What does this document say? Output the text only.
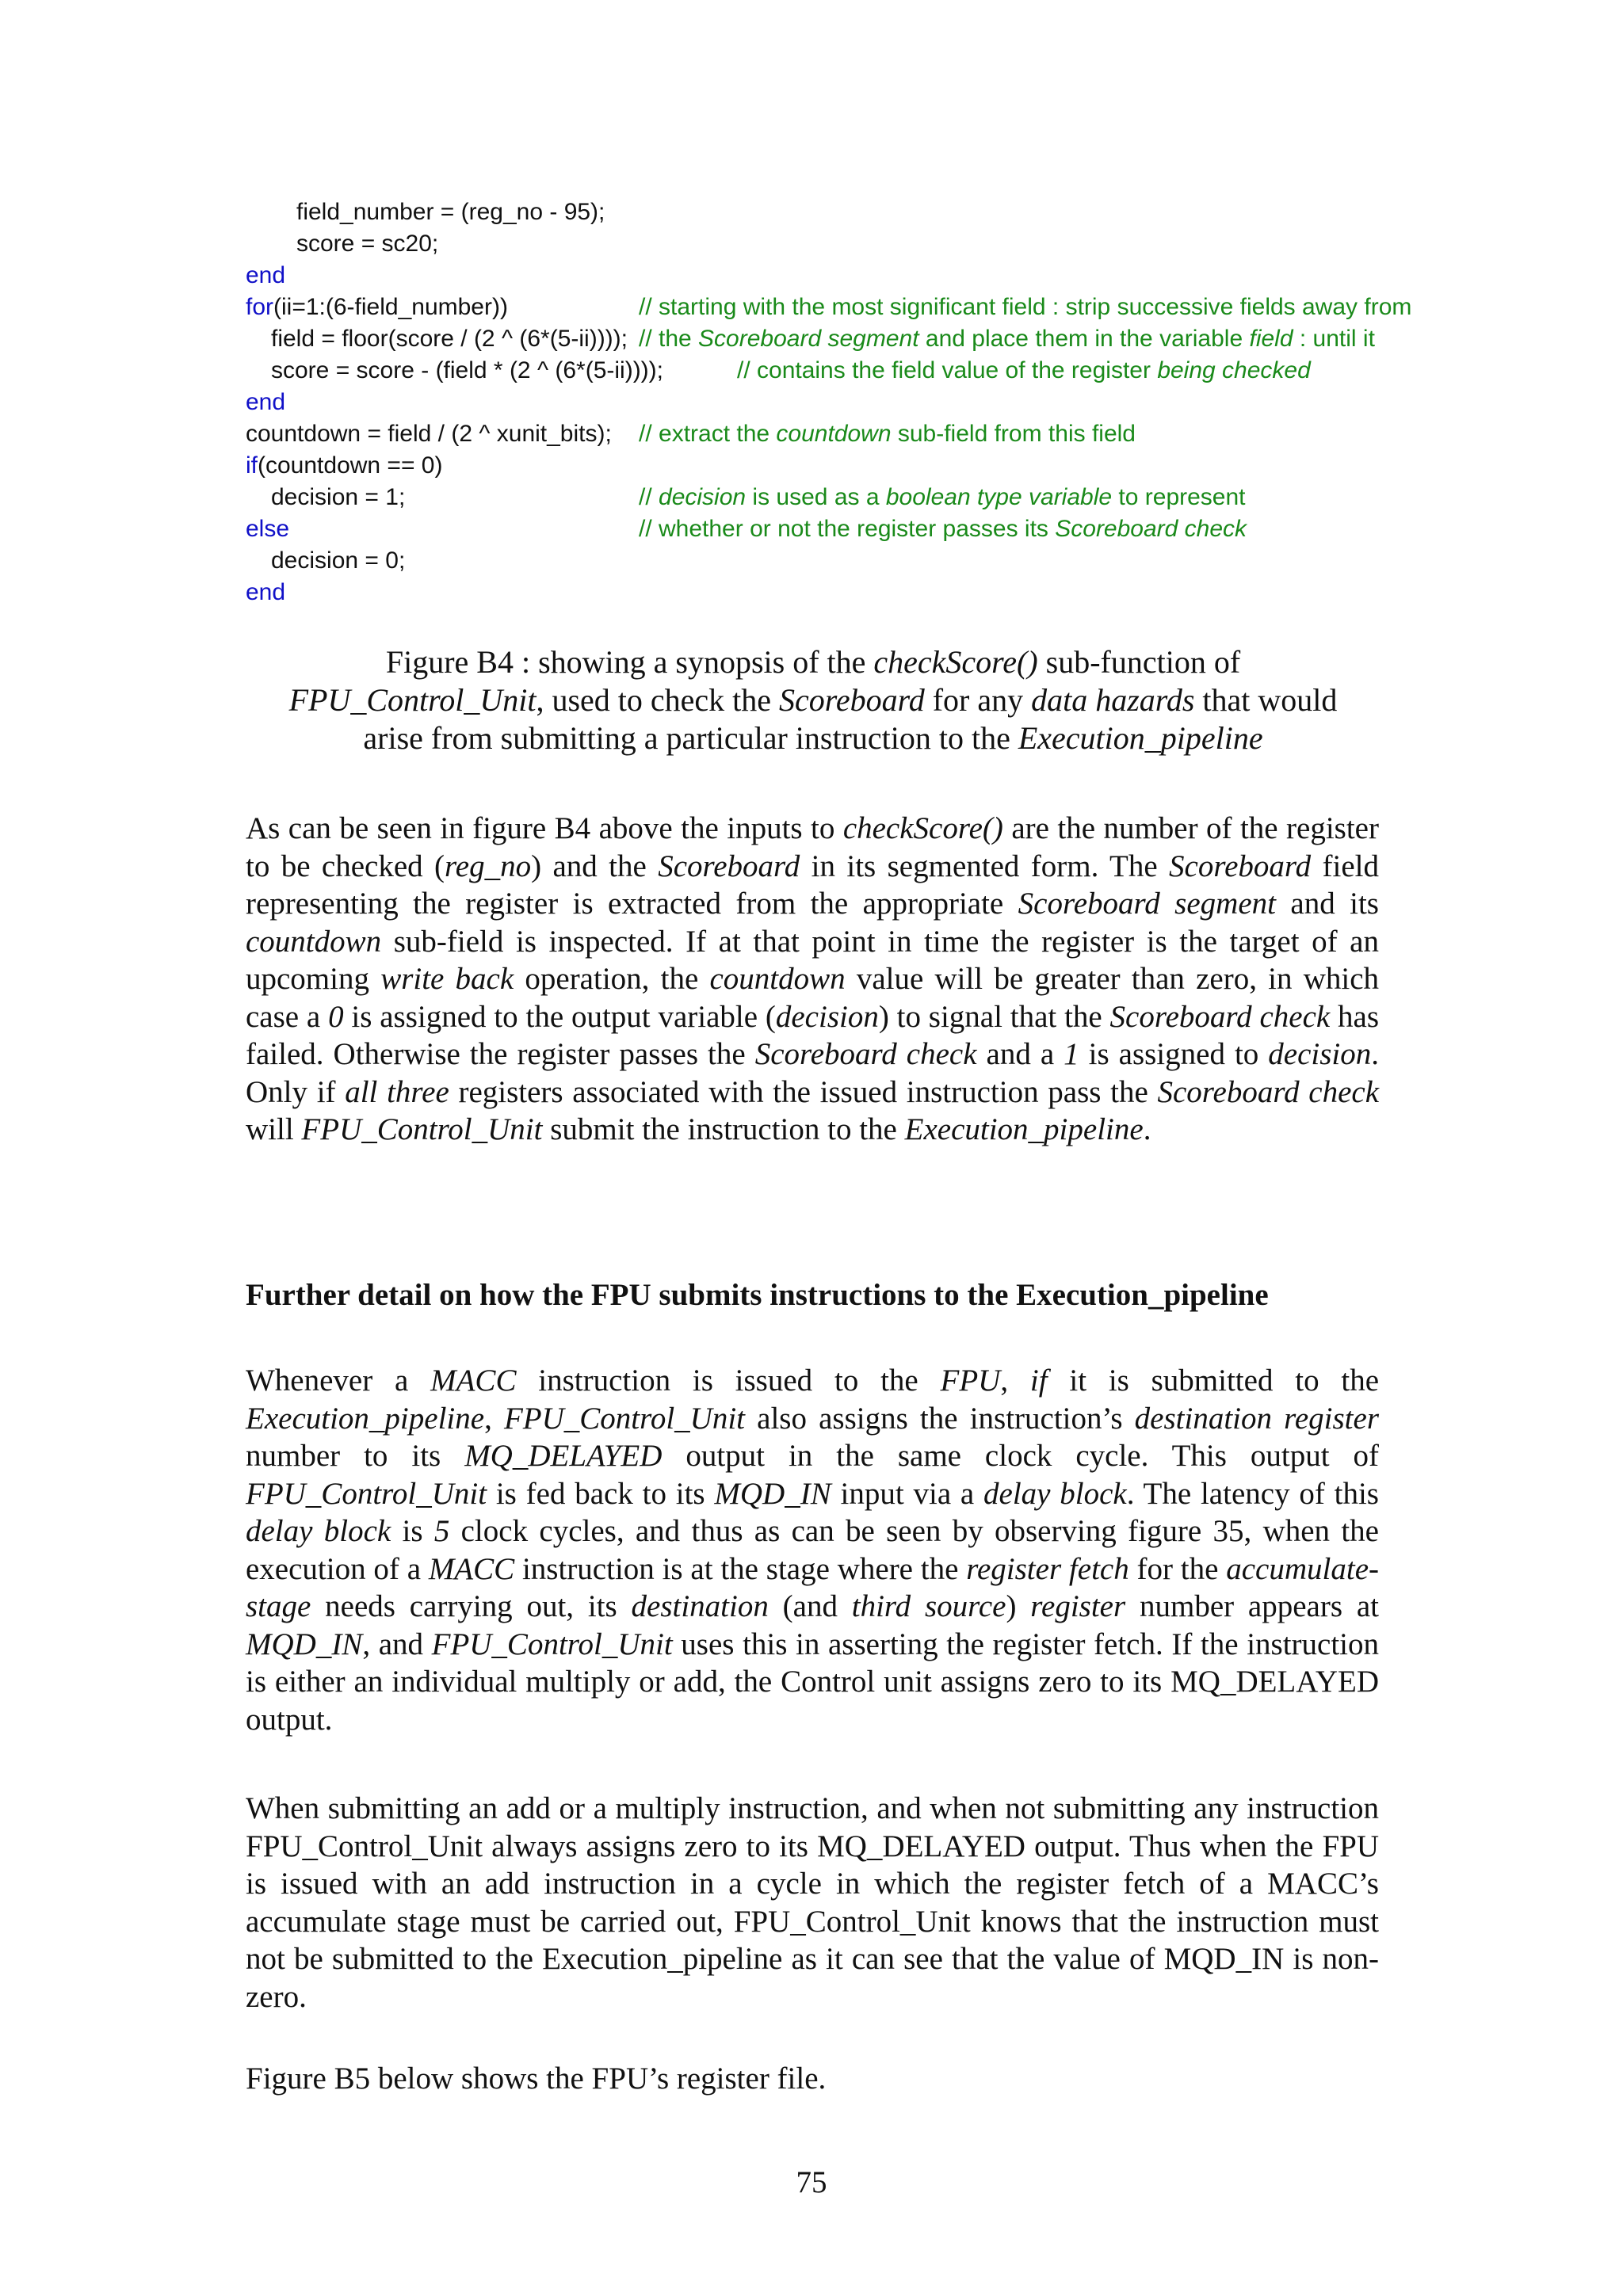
field_number = (reg_no - 95);
score = sc20;
end
for(ii=1:(6-field_number))	// starting with the most significant field : strip successive fields away from
field = floor(score / (2 ^ (6*(5-ii)))); // the Scoreboard segment and place them in the variable field : until it
score = score - (field * (2 ^ (6*(5-ii))));	// contains the field value of the register being checked
end
countdown = field / (2 ^ xunit_bits); // extract the countdown sub-field from this field
if(countdown == 0)
decision = 1;	// decision is used as a boolean type variable to represent
else	// whether or not the register passes its Scoreboard check
decision = 0;
end
Figure B4 : showing a synopsis of the checkScore() sub-function of
FPU_Control_Unit, used to check the Scoreboard for any data hazards that would
arise from submitting a particular instruction to the Execution_pipeline
As can be seen in figure B4 above the inputs to checkScore() are the number of the register to be checked (reg_no) and the Scoreboard in its segmented form. The Scoreboard field representing the register is extracted from the appropriate Scoreboard segment and its countdown sub-field is inspected. If at that point in time the register is the target of an upcoming write back operation, the countdown value will be greater than zero, in which case a 0 is assigned to the output variable (decision) to signal that the Scoreboard check has failed. Otherwise the register passes the Scoreboard check and a 1 is assigned to decision. Only if all three registers associated with the issued instruction pass the Scoreboard check will FPU_Control_Unit submit the instruction to the Execution_pipeline.
Further detail on how the FPU submits instructions to the Execution_pipeline
Whenever a MACC instruction is issued to the FPU, if it is submitted to the Execution_pipeline, FPU_Control_Unit also assigns the instruction’s destination register number to its MQ_DELAYED output in the same clock cycle. This output of FPU_Control_Unit is fed back to its MQD_IN input via a delay block. The latency of this delay block is 5 clock cycles, and thus as can be seen by observing figure 35, when the execution of a MACC instruction is at the stage where the register fetch for the accumulate-stage needs carrying out, its destination (and third source) register number appears at MQD_IN, and FPU_Control_Unit uses this in asserting the register fetch. If the instruction is either an individual multiply or add, the Control unit assigns zero to its MQ_DELAYED output.
When submitting an add or a multiply instruction, and when not submitting any instruction FPU_Control_Unit always assigns zero to its MQ_DELAYED output. Thus when the FPU is issued with an add instruction in a cycle in which the register fetch of a MACC’s accumulate stage must be carried out, FPU_Control_Unit knows that the instruction must not be submitted to the Execution_pipeline as it can see that the value of MQD_IN is non-zero.
Figure B5 below shows the FPU’s register file.
75
